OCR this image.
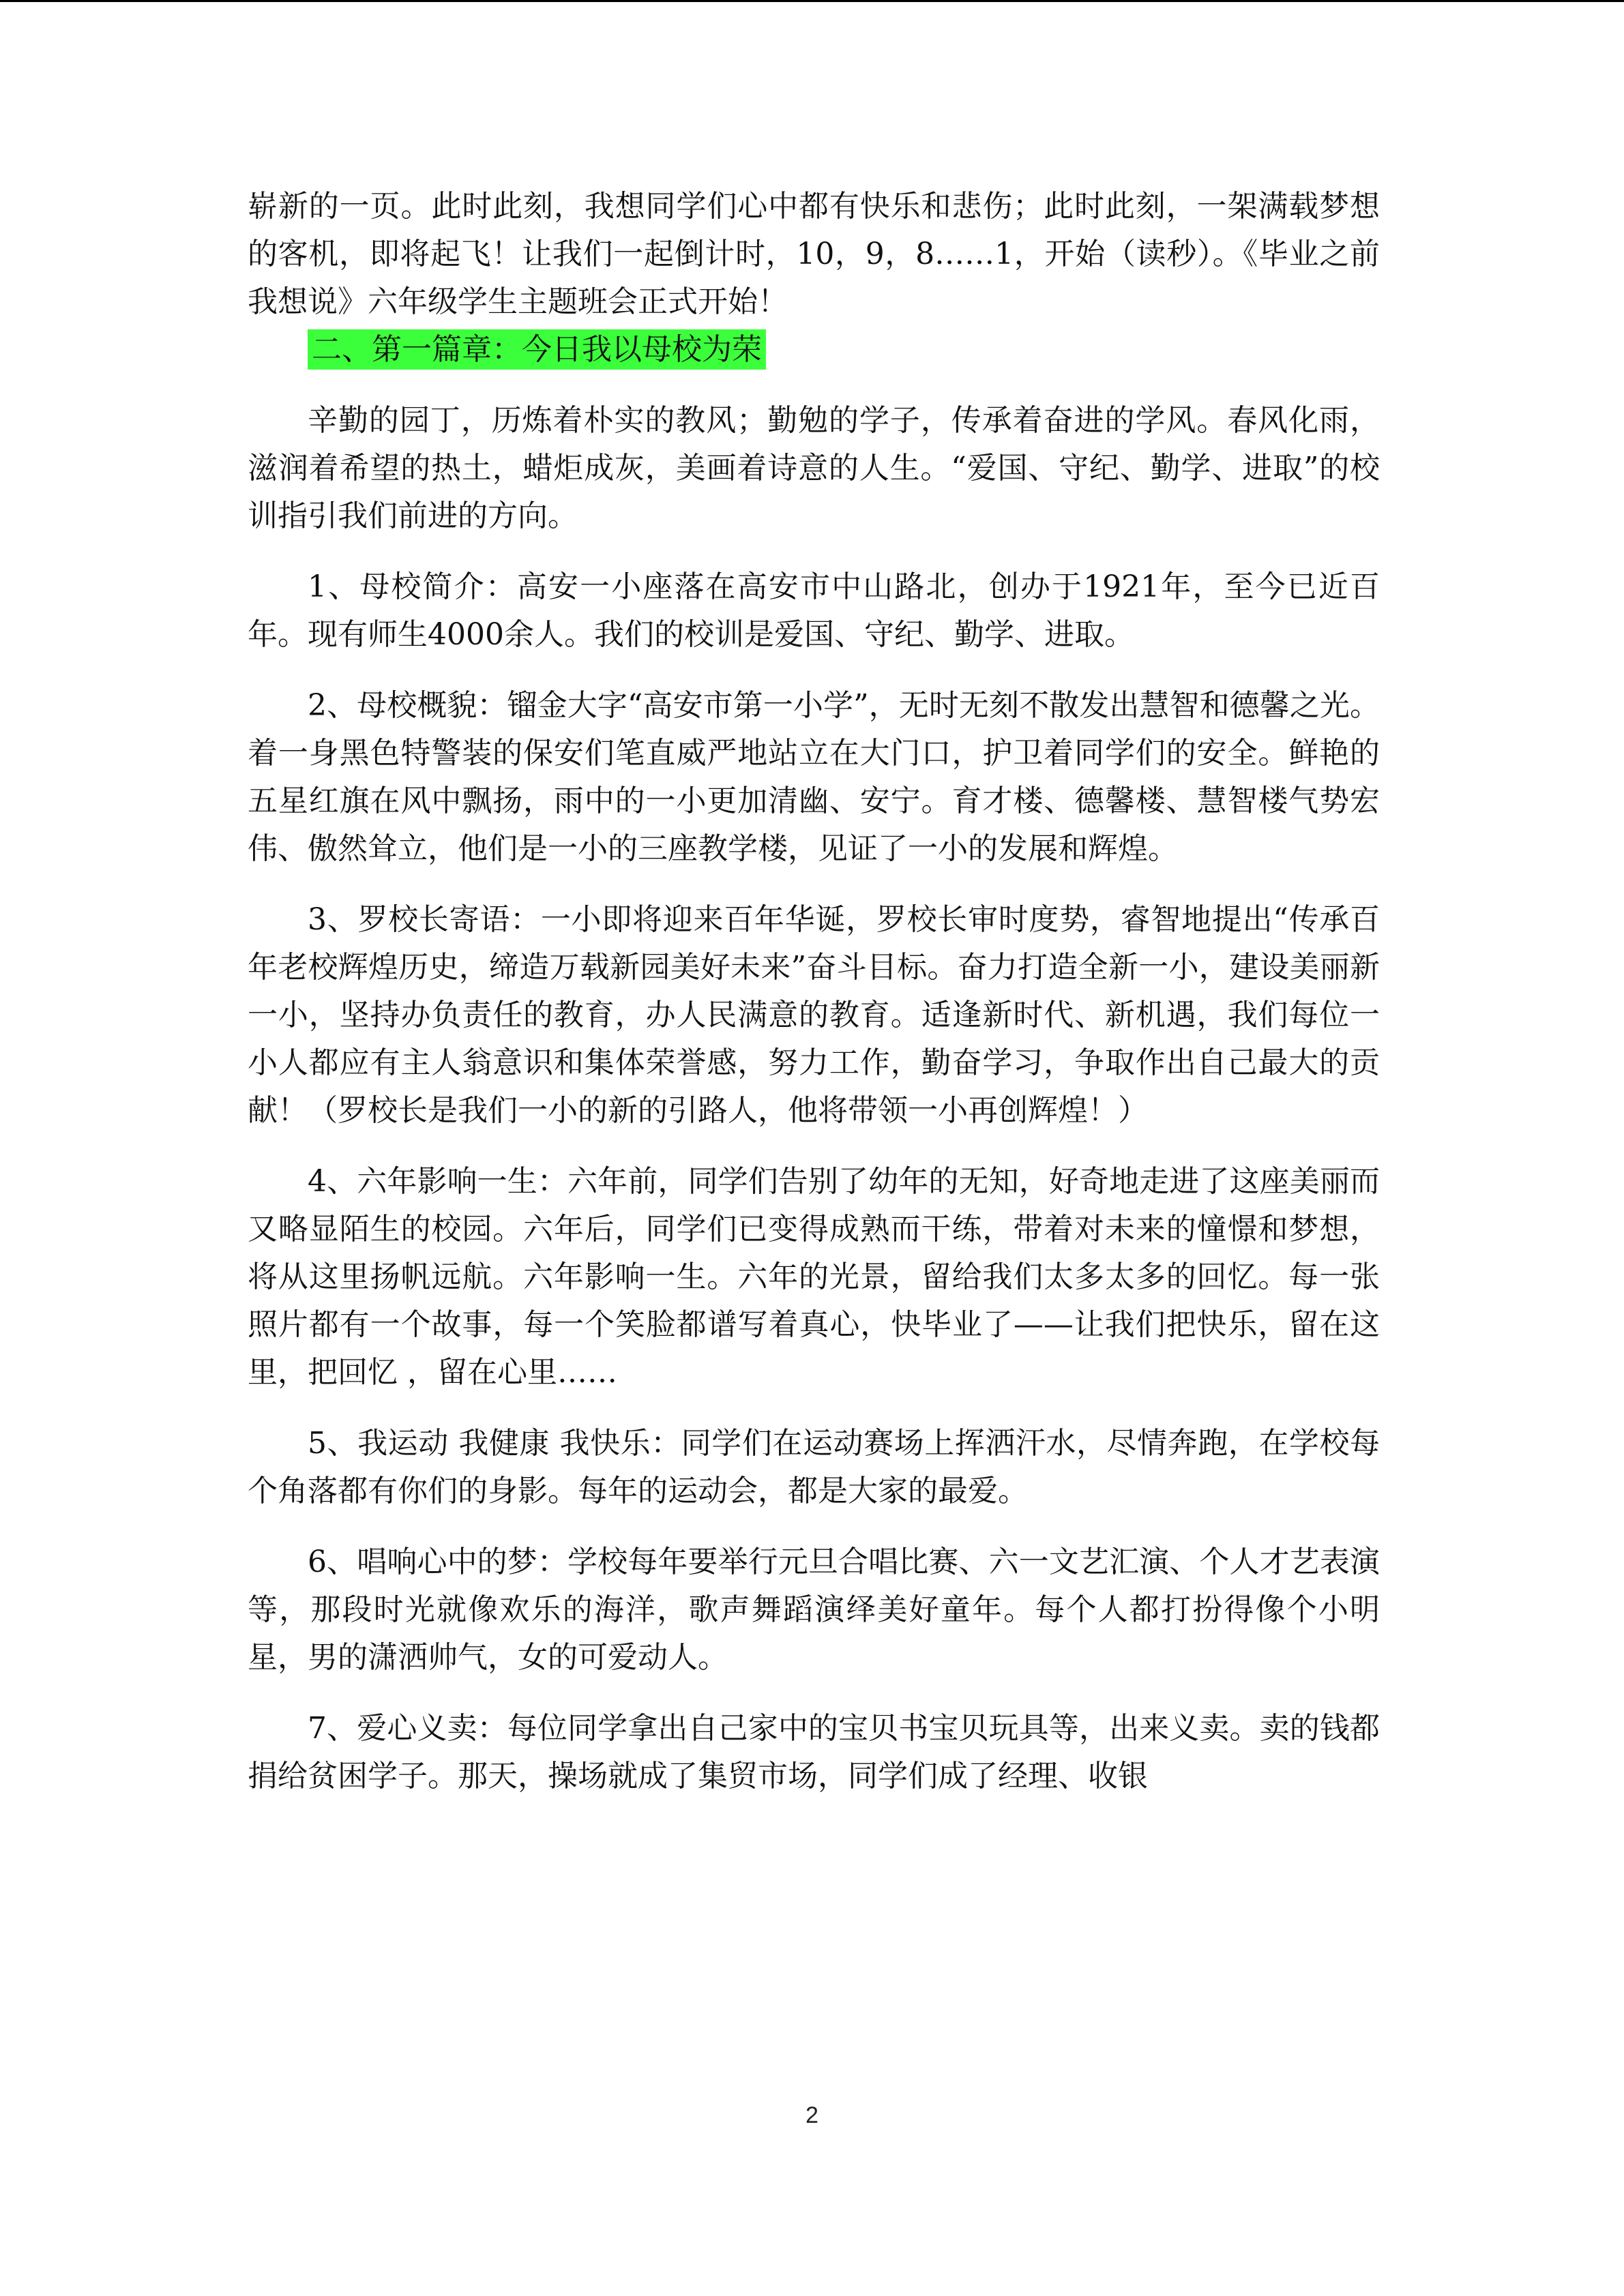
崭新的一页。此时此刻，我想同学们心中都有快乐和悲伤；此时此刻，一架满载梦想的客机，即将起飞！让我们一起倒计时，10，9，8……1，开始（读秒）。《毕业之前 我想说》六年级学生主题班会正式开始！

二、第一篇章：今日我以母校为荣

辛勤的园丁，历炼着朴实的教风；勤勉的学子，传承着奋进的学风。春风化雨，滋润着希望的热土，蜡炬成灰，美画着诗意的人生。“爱国、守纪、勤学、进取”的校训指引我们前进的方向。

1、母校简介：高安一小座落在高安市中山路北，创办于1921年，至今已近百年。现有师生4000余人。我们的校训是爱国、守纪、勤学、进取。

2、母校概貌：镏金大字“高安市第一小学”，无时无刻不散发出慧智和德馨之光。着一身黑色特警装的保安们笔直威严地站立在大门口，护卫着同学们的安全。鲜艳的五星红旗在风中飘扬，雨中的一小更加清幽、安宁。育才楼、德馨楼、慧智楼气势宏伟、傲然耸立，他们是一小的三座教学楼，见证了一小的发展和辉煌。

3、罗校长寄语：一小即将迎来百年华诞，罗校长审时度势，睿智地提出“传承百年老校辉煌历史，缔造万载新园美好未来”奋斗目标。奋力打造全新一小，建设美丽新一小，坚持办负责任的教育，办人民满意的教育。适逢新时代、新机遇，我们每位一小人都应有主人翁意识和集体荣誉感，努力工作，勤奋学习，争取作出自己最大的贡献！（罗校长是我们一小的新的引路人，他将带领一小再创辉煌！）

4、六年影响一生：六年前，同学们告别了幼年的无知，好奇地走进了这座美丽而又略显陌生的校园。六年后，同学们已变得成熟而干练，带着对未来的憧憬和梦想，将从这里扬帆远航。六年影响一生。六年的光景，留给我们太多太多的回忆。每一张照片都有一个故事，每一个笑脸都谱写着真心，快毕业了——让我们把快乐，留在这里，把回忆 ，留在心里……

5、我运动 我健康 我快乐：同学们在运动赛场上挥洒汗水，尽情奔跑，在学校每个角落都有你们的身影。每年的运动会，都是大家的最爱。

6、唱响心中的梦：学校每年要举行元旦合唱比赛、六一文艺汇演、个人才艺表演等，那段时光就像欢乐的海洋，歌声舞蹈演绎美好童年。每个人都打扮得像个小明星，男的潇洒帅气，女的可爱动人。

7、爱心义卖：每位同学拿出自己家中的宝贝书宝贝玩具等，出来义卖。卖的钱都捐给贫困学子。那天，操场就成了集贸市场，同学们成了经理、收银

2
